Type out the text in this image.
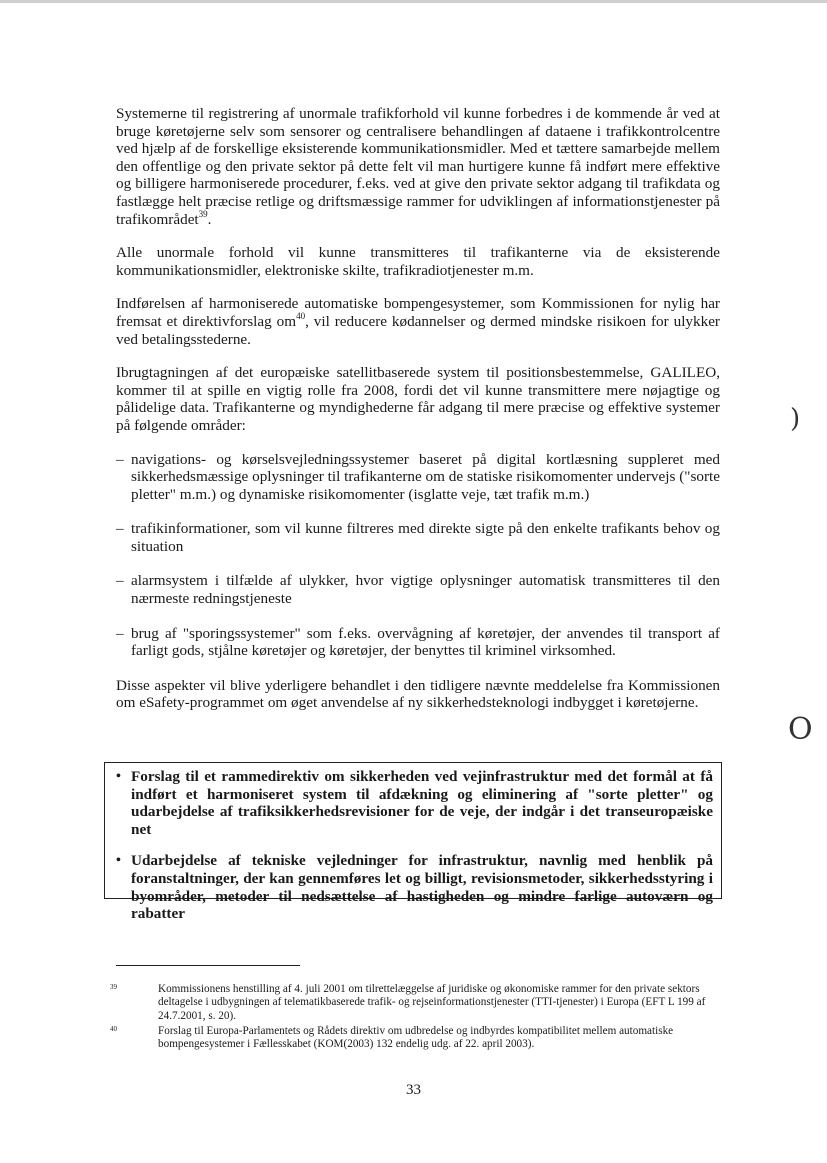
Systemerne til registrering af unormale trafikforhold vil kunne forbedres i de kommende år ved at bruge køretøjerne selv som sensorer og centralisere behandlingen af dataene i trafikkontrolcentre ved hjælp af de forskellige eksisterende kommunikationsmidler. Med et tættere samarbejde mellem den offentlige og den private sektor på dette felt vil man hurtigere kunne få indført mere effektive og billigere harmoniserede procedurer, f.eks. ved at give den private sektor adgang til trafikdata og fastlægge helt præcise retlige og driftsmæssige rammer for udviklingen af informationstjenester på trafikområdet$^{39}$.

Alle unormale forhold vil kunne transmitteres til trafikanterne via de eksisterende kommunikationsmidler, elektroniske skilte, trafikradiotjenester m.m.

Indførelsen af harmoniserede automatiske bompengesystemer, som Kommissionen for nylig har fremsat et direktivforslag $om^{40}$, vil reducere kødannelser og dermed mindske risikoen for ulykker ved betalingsstederne.

Ibrugtagningen af det europæiske satellitbaserede system til positionsbestemmelse, GALILEO, kommer til at spille en vigtig rolle fra 2008, fordi det vil kunne transmittere mere nøjagtige og pålidelige data. Trafikanterne og myndighederne får adgang til mere præcise og effektive systemer på følgende områder:

– navigations- og kørselsvejledningssystemer baseret på digital kortlæsning suppleret med sikkerhedsmæssige oplysninger til trafikanterne om de statiske risikomomenter undervejs ("sorte pletter" m.m.) og dynamiske risikomomenter (isglatte veje, tæt trafik m.m.)
– trafikinformationer, som vil kunne filtreres med direkte sigte på den enkelte trafikants behov og situation
– alarmsystem i tilfælde af ulykker, hvor vigtige oplysninger automatisk transmitteres til den nærmeste redningstjeneste
– brug af "sporingssystemer" som f.eks. overvågning af køretøjer, der anvendes til transport af farligt gods, stjålne køretøjer og køretøjer, der benyttes til kriminel virksomhed.

Disse aspekter vil blive yderligere behandlet i den tidligere nævnte meddelelse fra Kommissionen om eSafety-programmet om øget anvendelse af ny sikkerhedsteknologi indbygget i køretøjerne.

• Forslag til et rammedirektiv om sikkerheden ved vejinfrastruktur med det formål at få indført et harmoniseret system til afdækning og eliminering af "sorte pletter" og udarbejdelse af trafiksikkerhedsrevisioner for de veje, der indgår i det transeuropæiske net
• Udarbejdelse af tekniske vejledninger for infrastruktur, navnlig med henblik på foranstaltninger, der kan gennemføres let og billigt, revisionsmetoder, sikkerhedsstyring i byområder, metoder til nedsættelse af hastigheden og mindre farlige autoværn og rabatter
39	Kommissionens henstilling af 4. juli 2001 om tilrettelæggelse af juridiske og økonomiske rammer for den private sektors deltagelse i udbygningen af telematikbaserede trafik- og rejseinformationstjenester (TTI-tjenester) i Europa (EFT L 199 af 24.7.2001, s. 20).
40	Forslag til Europa-Parlamentets og Rådets direktiv om udbredelse og indbyrdes kompatibilitet mellem automatiske bompengesystemer i Fællesskabet (KOM(2003) 132 endelig udg. af 22. april 2003).
33
)
O
